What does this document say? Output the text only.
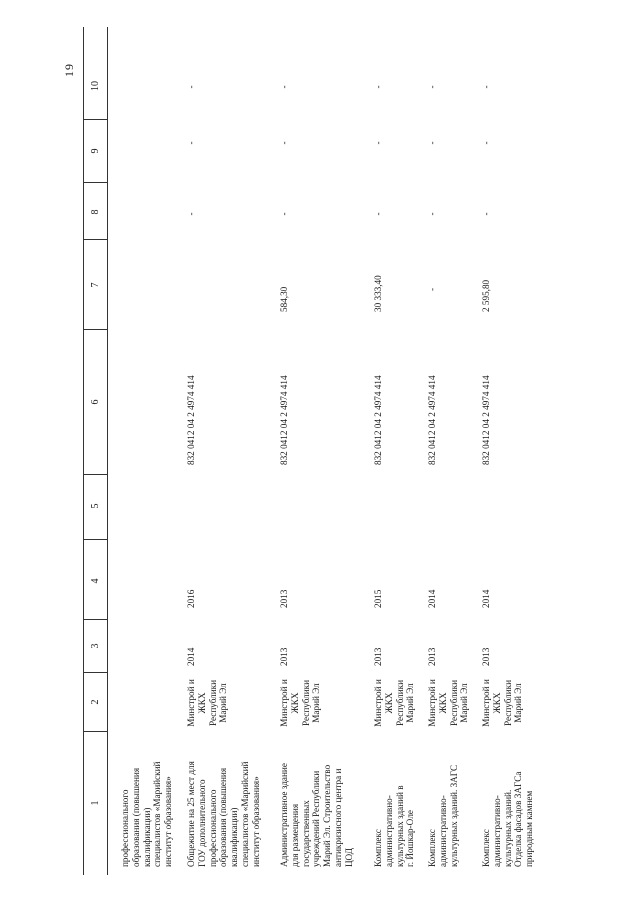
19
1
2
3
4
5
6
7
8
9
10
профессионального образования (повышения квалификации) специалистов «Марийский институт образования» Общежитие на 25 мест для ГОУ дополнительного профессионального образования (повышения квалификации) специалистов «Марийский институт образования»
Минстрой и ЖКХ Республики Марий Эл
2014
2016
832 0412 04 2 4974 414
-
-
-
Административное здание для размещения государственных учреждений Республики Марий Эл. Строительство антикризисного центра и ЦОД
Минстрой и ЖКХ Республики Марий Эл
2013
2013
832 0412 04 2 4974 414
584,30
-
-
-
Комплекс административно- культурных зданий в г. Йошкар-Оле
Минстрой и ЖКХ Республики Марий Эл
2013
2015
832 0412 04 2 4974 414
30 333,40
-
-
-
Комплекс административно- культурных зданий. ЗАГС
Минстрой и ЖКХ Республики Марий Эл
2013
2014
832 0412 04 2 4974 414
-
-
-
-
Комплекс административно- культурных зданий. Отделка фасадов ЗАГСа природным камнем
Минстрой и ЖКХ Республики Марий Эл
2013
2014
832 0412 04 2 4974 414
2 595,80
-
-
-
